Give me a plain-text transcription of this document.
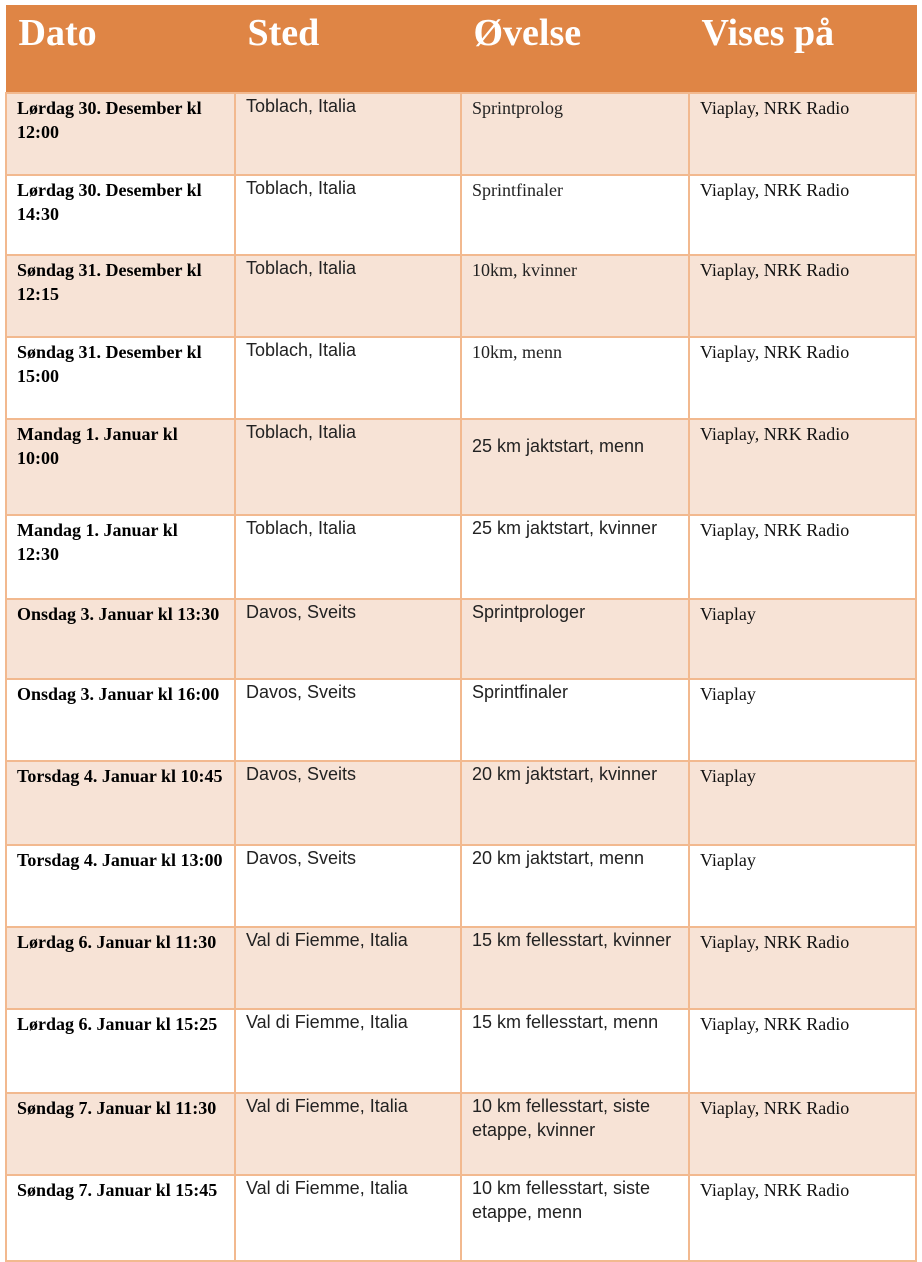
Dato	Sted	Øvelse	Vises på
Lørdag 30. Desember kl 12:00	Toblach, Italia	Sprintprolog	Viaplay, NRK Radio
Lørdag 30. Desember kl 14:30	Toblach, Italia	Sprintfinaler	Viaplay, NRK Radio
Søndag 31. Desember kl 12:15	Toblach, Italia	10km, kvinner	Viaplay, NRK Radio
Søndag 31. Desember kl 15:00	Toblach, Italia	10km, menn	Viaplay, NRK Radio
Mandag 1. Januar kl 10:00	Toblach, Italia	25 km jaktstart, menn	Viaplay, NRK Radio
Mandag 1. Januar kl 12:30	Toblach, Italia	25 km jaktstart, kvinner	Viaplay, NRK Radio
Onsdag 3. Januar kl 13:30	Davos, Sveits	Sprintprologer	Viaplay
Onsdag 3. Januar kl 16:00	Davos, Sveits	Sprintfinaler	Viaplay
Torsdag 4. Januar kl 10:45	Davos, Sveits	20 km jaktstart, kvinner	Viaplay
Torsdag 4. Januar kl 13:00	Davos, Sveits	20 km jaktstart, menn	Viaplay
Lørdag 6. Januar kl 11:30	Val di Fiemme, Italia	15 km fellesstart, kvinner	Viaplay, NRK Radio
Lørdag 6. Januar kl 15:25	Val di Fiemme, Italia	15 km fellesstart, menn	Viaplay, NRK Radio
Søndag 7. Januar kl 11:30	Val di Fiemme, Italia	10 km fellesstart, siste etappe, kvinner	Viaplay, NRK Radio
Søndag 7. Januar kl 15:45	Val di Fiemme, Italia	10 km fellesstart, siste etappe, menn	Viaplay, NRK Radio
